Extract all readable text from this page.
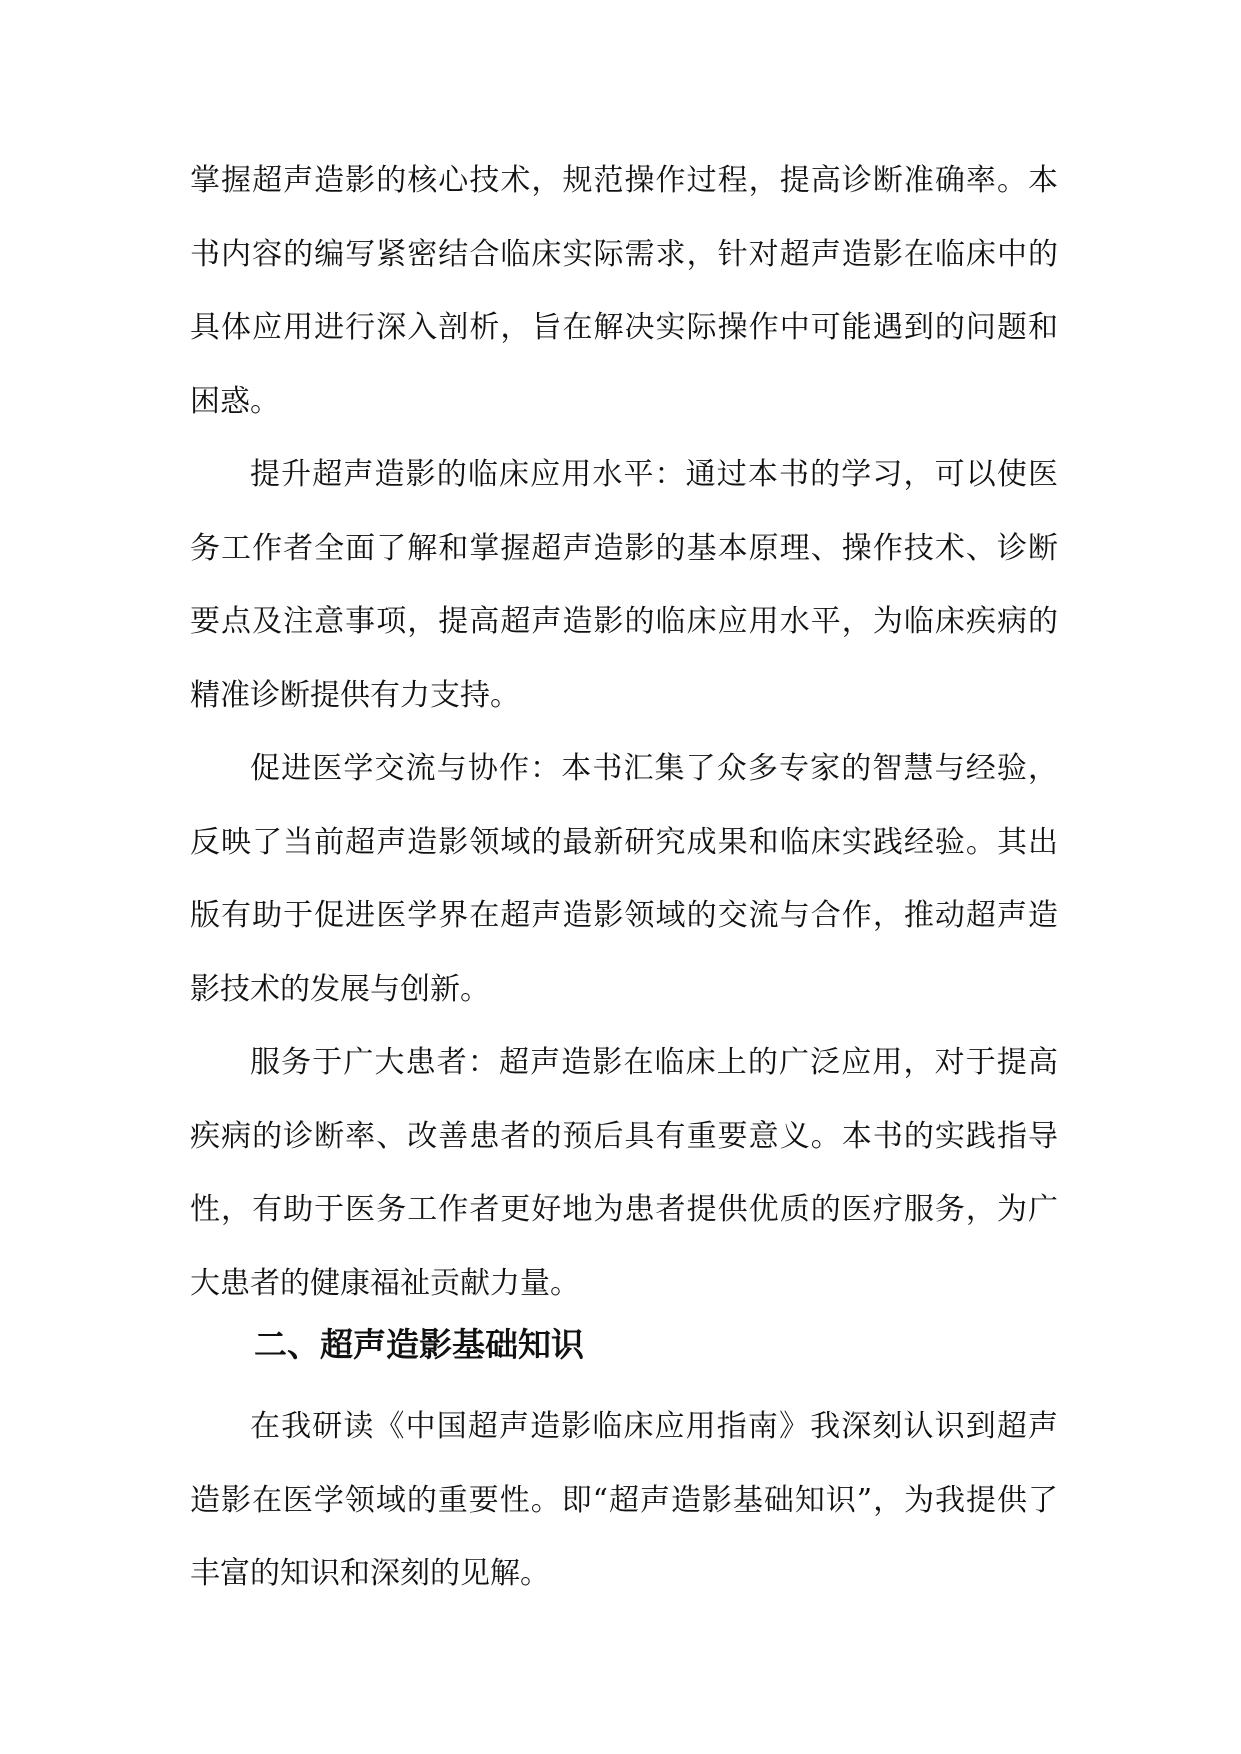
掌握超声造影的核心技术，规范操作过程，提高诊断准确率。本书内容的编写紧密结合临床实际需求，针对超声造影在临床中的具体应用进行深入剖析，旨在解决实际操作中可能遇到的问题和困惑。

提升超声造影的临床应用水平：通过本书的学习，可以使医务工作者全面了解和掌握超声造影的基本原理、操作技术、诊断要点及注意事项，提高超声造影的临床应用水平，为临床疾病的精准诊断提供有力支持。

促进医学交流与协作：本书汇集了众多专家的智慧与经验，反映了当前超声造影领域的最新研究成果和临床实践经验。其出版有助于促进医学界在超声造影领域的交流与合作，推动超声造影技术的发展与创新。

服务于广大患者：超声造影在临床上的广泛应用，对于提高疾病的诊断率、改善患者的预后具有重要意义。本书的实践指导性，有助于医务工作者更好地为患者提供优质的医疗服务，为广大患者的健康福祉贡献力量。

二、超声造影基础知识

在我研读《中国超声造影临床应用指南》我深刻认识到超声造影在医学领域的重要性。即“超声造影基础知识”，为我提供了丰富的知识和深刻的见解。
